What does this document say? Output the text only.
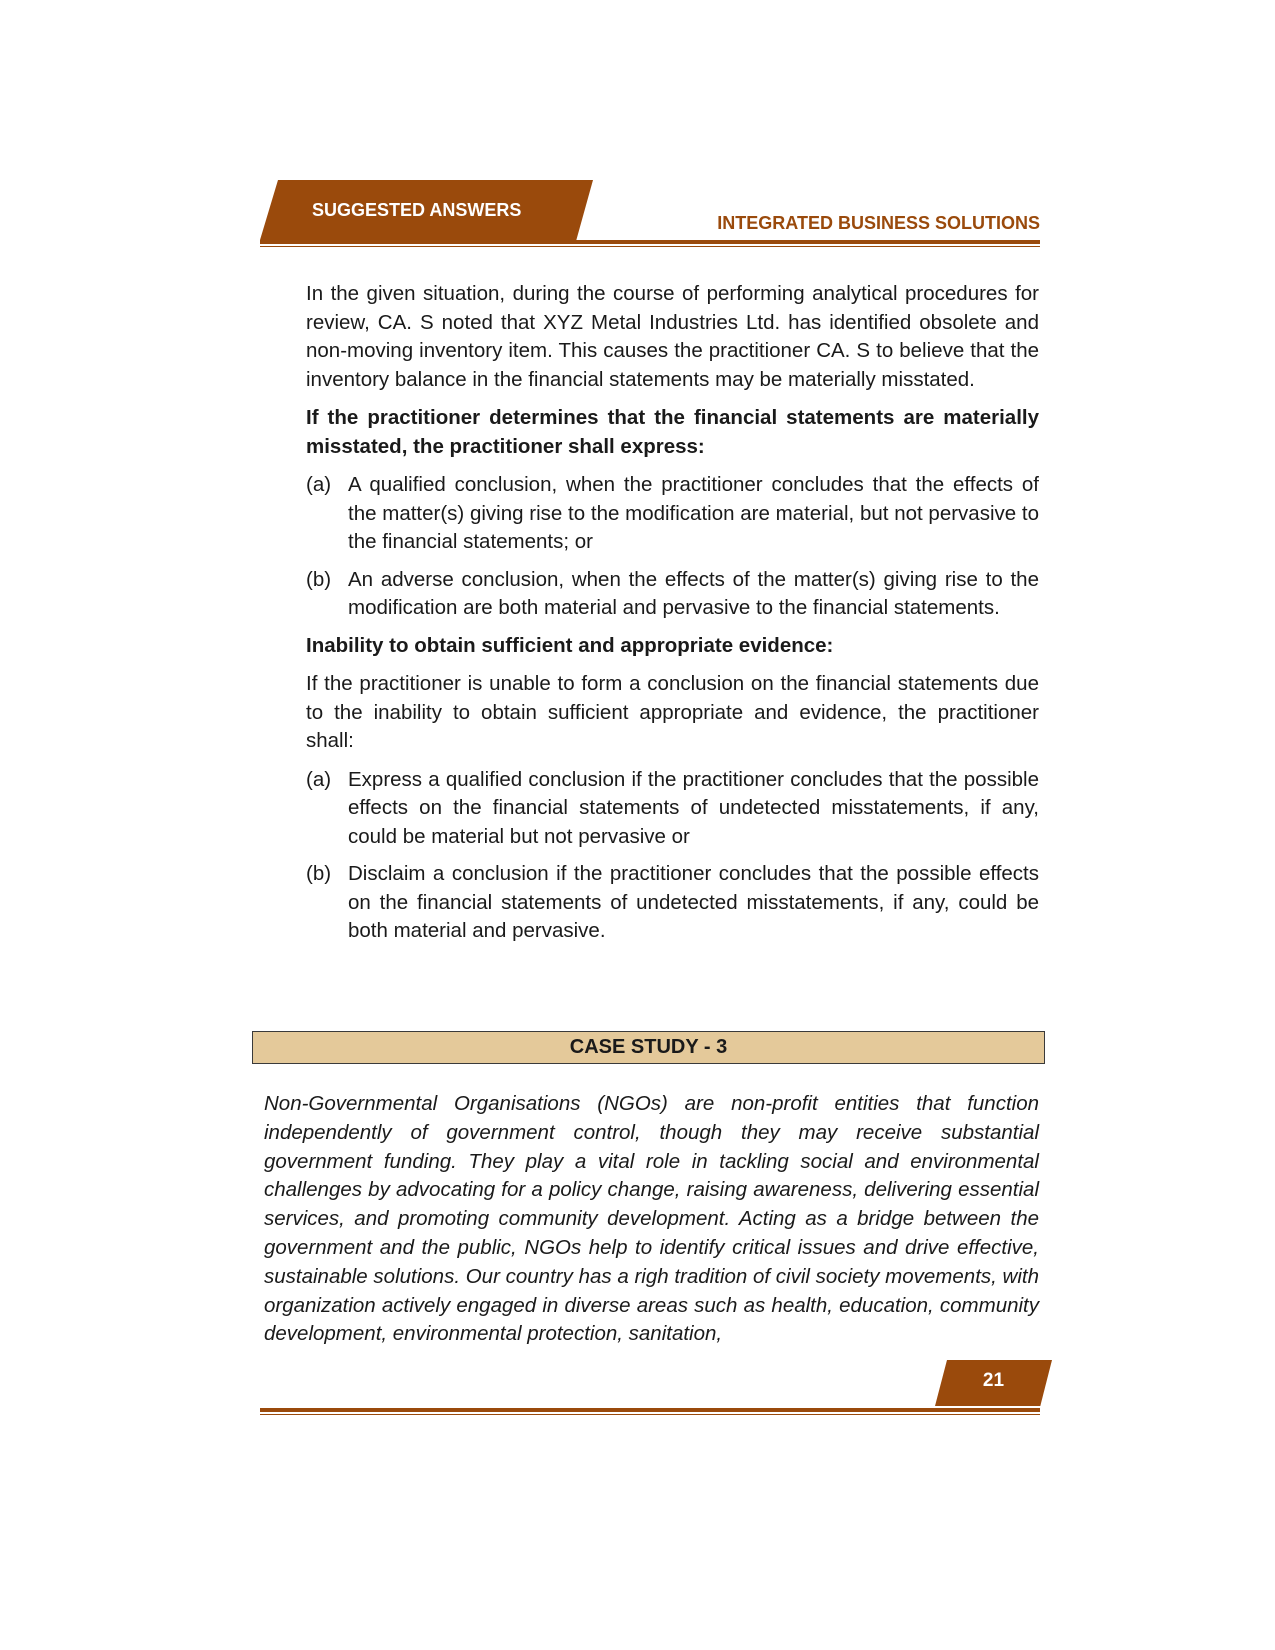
SUGGESTED ANSWERS
INTEGRATED BUSINESS SOLUTIONS

In the given situation, during the course of performing analytical procedures for review, CA. S noted that XYZ Metal Industries Ltd. has identified obsolete and non-moving inventory item. This causes the practitioner CA. S to believe that the inventory balance in the financial statements may be materially misstated.

If the practitioner determines that the financial statements are materially misstated, the practitioner shall express:

(a) A qualified conclusion, when the practitioner concludes that the effects of the matter(s) giving rise to the modification are material, but not pervasive to the financial statements; or
(b) An adverse conclusion, when the effects of the matter(s) giving rise to the modification are both material and pervasive to the financial statements.

Inability to obtain sufficient and appropriate evidence:

If the practitioner is unable to form a conclusion on the financial statements due to the inability to obtain sufficient appropriate and evidence, the practitioner shall:

(a) Express a qualified conclusion if the practitioner concludes that the possible effects on the financial statements of undetected misstatements, if any, could be material but not pervasive or
(b) Disclaim a conclusion if the practitioner concludes that the possible effects on the financial statements of undetected misstatements, if any, could be both material and pervasive.
CASE STUDY - 3
Non-Governmental Organisations (NGOs) are non-profit entities that function independently of government control, though they may receive substantial government funding. They play a vital role in tackling social and environmental challenges by advocating for a policy change, raising awareness, delivering essential services, and promoting community development. Acting as a bridge between the government and the public, NGOs help to identify critical issues and drive effective, sustainable solutions. Our country has a righ tradition of civil society movements, with organization actively engaged in diverse areas such as health, education, community development, environmental protection, sanitation,
21
